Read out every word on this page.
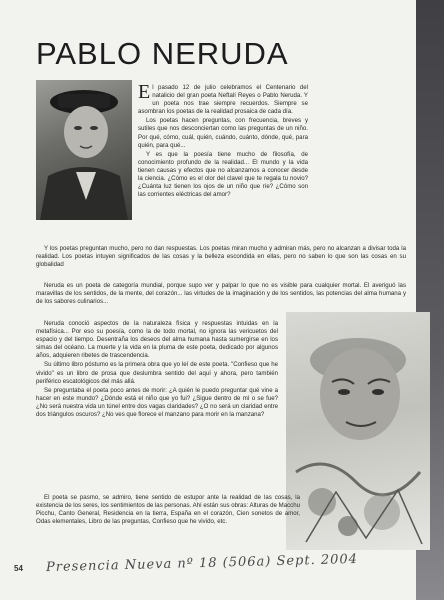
PABLO NERUDA

El pasado 12 de julio celebramos el Centenario del natalicio del gran poeta Neftalí Reyes o Pablo Neruda. Y un poeta nos trae siempre recuerdos. Siempre se asombran los poetas de la realidad prosaica de cada día.

Los poetas hacen preguntas, con frecuencia, breves y sutiles que nos desconciertan como las preguntas de un niño. Por qué, cómo, cuál, quién, cuándo, cuánto, dónde, qué, para quién, para qué...

Y es que la poesía tiene mucho de filosofía, de conocimiento profundo de la realidad... El mundo y la vida tienen causas y efectos que no alcanzamos a conocer desde la ciencia. ¿Cómo es el olor del clavel que te regala tu novio? ¿Cuánta luz tienen los ojos de un niño que ríe? ¿Cómo son las corrientes eléctricas del amor?

Y los poetas preguntan mucho, pero no dan respuestas. Los poetas miran mucho y admiran más, pero no alcanzan a divisar toda la realidad. Los poetas intuyen significados de las cosas y la belleza escondida en ellas, pero no saben lo que son las cosas en su globalidad

Neruda es un poeta de categoría mundial, porque supo ver y palpar lo que no es visible para cualquier mortal. El averiguó las maravillas de los sentidos, de la mente, del corazón... las virtudes de la imaginación y de los sentidos, las potencias del alma humana y de los sabores culinarios...

Neruda conoció aspectos de la naturaleza física y respuestas intuidas en la metafísica... Por eso su poesía, como la de todo mortal, no ignora las vericuetos del espacio y del tiempo. Desentraña los deseos del alma humana hasta sumergirse en los simas del océano. La muerte y la vida en la pluma de este poeta, dedicado por algunos años, adquieren ribetes de trascendencia.

Su último libro póstumo es la primera obra que yo leí de este poeta. "Confieso que he vivido" es un libro de prosa que deslumbra sentido del aquí y ahora, pero también periférico escatológicos del más allá.

Se preguntaba el poeta poco antes de morir: ¿A quién le puedo preguntar qué vine a hacer en este mundo? ¿Dónde está el niño que yo fui? ¿Sigue dentro de mí o se fue? ¿No será nuestra vida un túnel entre dos vagas claridades? ¿O no será un claridad entre dos triángulos oscuros? ¿No ves que florece el manzano para morir en la manzana?

El poeta se pasmo, se admiro, tiene sentido de estupor ante la realidad de las cosas, la existencia de los seres, los sentimientos de las personas. Ahí están sus obras: Alturas de Macchu Picchu, Canto General, Residencia en la tierra, España en el corazón, Cien sonetos de amor, Odas elementales, Libro de las preguntas, Confieso que he vivido, etc.

54 Presencia Nueva nº 18 (506a) Sept. 2004
